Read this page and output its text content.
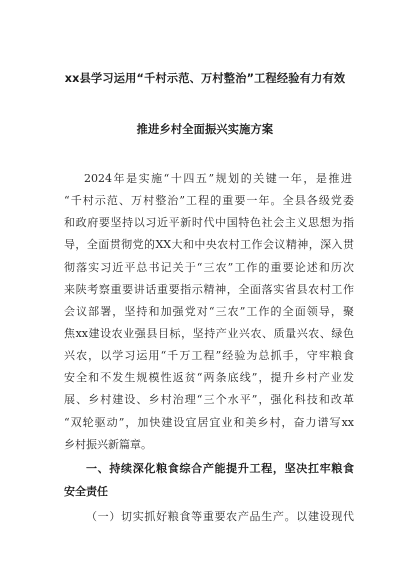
xx县学习运用“千村示范、万村整治”工程经验有力有效
推进乡村全面振兴实施方案
2024年是实施“十四五”规划的关键一年，是推进
“千村示范、万村整治”工程的重要一年。全县各级党委
和政府要坚持以习近平新时代中国特色社会主义思想为指
导，全面贯彻党的XX大和中央农村工作会议精神，深入贯
彻落实习近平总书记关于“三农”工作的重要论述和历次
来陕考察重要讲话重要指示精神，全面落实省县农村工作
会议部署，坚持和加强党对“三农”工作的全面领导，聚
焦xx建设农业强县目标，坚持产业兴农、质量兴农、绿色
兴农，以学习运用“千万工程”经验为总抓手，守牢粮食
安全和不发生规模性返贫“两条底线”，提升乡村产业发
展、乡村建设、乡村治理“三个水平”，强化科技和改革
“双轮驱动”，加快建设宜居宜业和美乡村，奋力谱写xx
乡村振兴新篇章。
一、持续深化粮食综合产能提升工程，坚决扛牢粮食
安全责任
（一）切实抓好粮食等重要农产品生产。以建设现代
